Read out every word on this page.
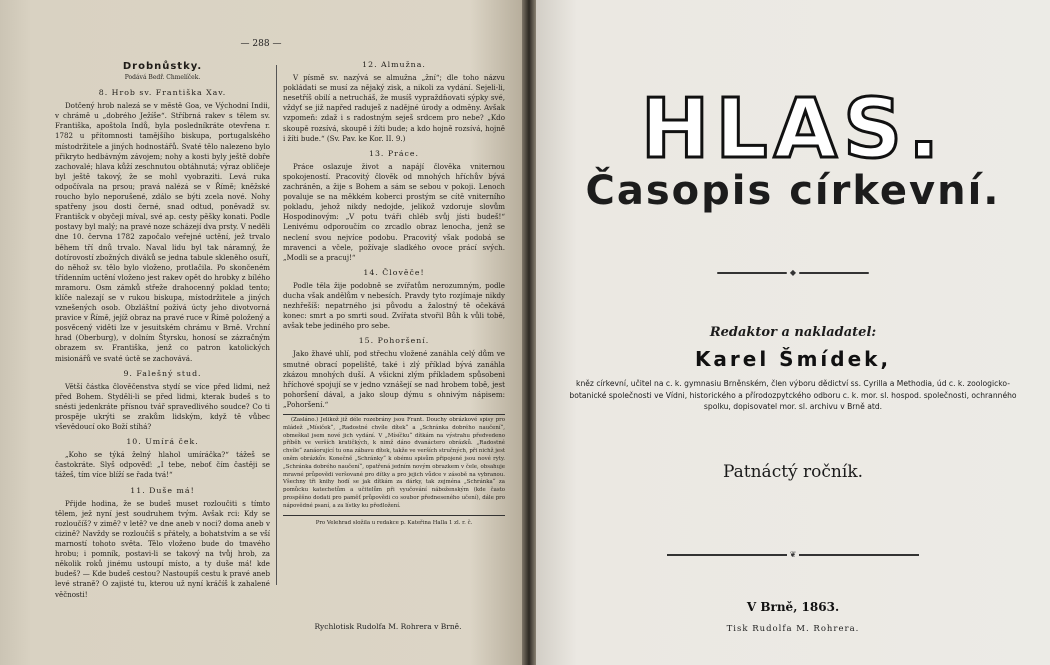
— 288 —

Drobnůstky.

Podává Bedř. Chmelíček.

8. Hrob sv. Františka Xav.

Dotčený hrob nalezá se v městě Goa, ve Východní Indii, v chrámě u „dobrého Ježíše“. Stříbrná rakev s tělem sv. Františka, apoštola Indů, byla posledníkráte otevřena r. 1782 u přítomnosti tamějšího biskupa, portugalského místodržitele a jiných hodnostářů. Svaté tělo nalezeno bylo přikryto hedbávným závojem; nohy a kosti byly ještě dobře zachovalé; hlava kůží zeschnutou obtáhnutá; výraz obličeje byl ještě takový, že se mohl vyobraziti. Levá ruka odpočívala na prsou; pravá nalézá se v Římě; kněžské roucho bylo neporušené, zdálo se býti zcela nové. Nohy spatřeny jsou dosti černé, snad odtud, poněvadž sv. Františck v obyčeji míval, své ap. cesty pěšky konati. Podle postavy byl malý; na pravé noze scházejí dva prsty. V neděli dne 10. června 1782 započalo veřejné uctění, jež trvalo během tří dnů trvalo. Naval lidu byl tak náramný, že dotírovostí zbožných diváků se jedna tabule skleněho osuří, do něhož sv. tělo bylo vloženo, protlačila. Po skončeném třídenním uctění vloženo jest rakev opět do hrobky z bílého mramoru. Osm zámků střeže drahocenný poklad tento; klíče nalezají se v rukou biskupa, místodržitele a jiných vznešených osob. Obzláštní požívá úcty jeho divotvorná pravice v Římě, jejíž obraz na pravé ruce v Římě položený a posvěcený viděti lze v jesuitském chrámu v Brně. Vrchní hrad (Oberburg), v dolním Štyrsku, honosí se zázračným obrazem sv. Františka, jenž co patron katolických misionářů ve svaté úctě se zachovává.

9. Falešný stud.

Větší částka člověčenstva stydí se více před lidmi, než před Bohem. Styděli-li se před lidmi, kterak budeš s to snésti jedenkráte přísnou tvář spravedlivého soudce? Co ti prospěje ukrýti se zrakům lidským, když tě vůbec vševědoucí oko Boží stíhá?

10. Umírá ček.

„Koho se týká želný hlahol umíráčka?“ tážeš se častokráte. Slyš odpověď: „I tebe, neboť čím častěji se tážeš, tím více blíží se řada tvá!“

11. Duše má!

Přijde hodina, že se budeš muset rozloučiti s tímto tělem, jež nyní jest soudruhem tvým. Avšak rci: Kdy se rozloučíš? v zimě? v letě? ve dne aneb v noci? doma aneb v cizině? Navždy se rozloučíš s přátely, a bohatstvím a se vší marností tohoto světa. Tělo vloženo bude do tmavého hrobu; i pomník, postavi-li se takový na tvůj hrob, za několik roků jinému ustoupí místo, a ty duše má! kde budeš? — Kde budeš cestou? Nastoupíš cestu k pravé aneb levé straně? O zajisté tu, kterou už nyní kráčíš k zahalené věčnosti!

12. Almužna.

V písmě sv. nazývá se almužna „žní“; dle toho názvu pokládati se musí za nějaký zisk, a nikoli za vydání. Sejeli-li, nesetříš obilí a netrucháš, že musíš vypraždňovati sýpky své, vždyť se již napřed raduješ z nadějné úrody a odměny. Avšak vzpomeň: zdaž i s radostným seješ srdcem pro nebe? „Kdo skoupě rozsívá, skoupě i žíti bude; a kdo hojně rozsívá, hojně i žíti bude.“ (Sv. Pav. ke Kor. II. 9.)

13. Práce.

Práce oslazuje život a napájí člověka vniternou spokojeností. Pracovitý člověk od mnohých hříchův bývá zachráněn, a žije s Bohem a sám se sebou v pokoji. Lenoch povaluje se na měkkém koberci prostým se cítě vniterního pokladu, jehož nikdy nedojde, jelikož vzdoruje slovům Hospodinovým: „V potu tváři chléb svůj jísti budeš!“ Lenivému odporoučím co zrcadlo obraz lenocha, jenž se neclení svou nejvíce podobu. Pracovitý však podobá se mravenci a včele, požívaje sladkého ovoce prácí svých. „Modli se a pracuj!“

14. Člověče!

Podle těla žije podobně se zvířatům nerozumným, podle ducha však andělům v nebesích. Pravdy tyto rozjímaje nikdy nezhřešíš: nepatrného jsi původu a žalostný tě očekává konec: smrt a po smrti soud. Zvířata stvořil Bůh k vůli tobě, avšak tebe jediného pro sebe.

15. Pohoršení.

Jako žhavé uhlí, pod střechu vložené zanáhla celý dům ve smutné obrací popeliště, také i zlý příklad bývá zanáhla zkázou mnohých duší. A všickni zlým příkladem spůsobeni hříchové spojují se v jedno vznášejí se nad hrobem tobě, jest pohoršení dával, a jako sloup dýmu s ohnivým nápisem: „Pohoršení.“

(Zasláno.) Jelikož již déle rozebrány jsou Frant. Douchy obrázkové spisy pro mládež „Mísiček“, „Radostné chvíle dítek“ a „Schránka dobrého naučení“, obmeškal jsem nové jich vydání. V „Mísíčku“ dítkám na výstrahu předvedeno příběh ve verších kratičkých, k nimž dáno dvanáctero obrázků. „Radostné chvíle“ zanáorující tu ona zábavu dítek, takže ve verších stručných, při nichž jest oněm obrázkův. Konečně „Schránky“ k obému spisům připojené jsou nové ryty. „Schránka dobrého naučení“, opatřená jedním novým obrazkem v čele, obsahuje mravné průpovědi veršované pro dítky a pro jejich vůdce v zásobě na vybranou. Všechny tři knihy hodí se jak dítkám za dárky, tak zejména „Schránka“ za pomůcku katechetům a učitelům při vyučování náboženským (kde často prospěšno dodati pro paměť průpovědi co soubor předneseného učení), dále pro nápovědné psaní, a za lístky ku předložení.

Pro Velehrad složila u redakce p. Kateřina Halla 1 zl. r. č.

Rychlotisk Rudolfa M. Rohrera v Brně.
HLAS.
Časopis církevní.
◆
Redaktor a nakladatel:
Karel Šmídek,
kněz církevní, učitel na c. k. gymnasiu Brněnském, člen výboru dědictví ss. Cyrilla a Methodia, úd c. k. zoologicko-botanické společnosti ve Vídni, historického a přírodozpytckého odboru c. k. mor. sl. hospod. společnosti, ochranného spolku, dopisovatel mor. sl. archivu v Brně atd.
Patnáctý ročník.
❦
V Brně, 1863.
Tisk Rudolfa M. Rohrera.
